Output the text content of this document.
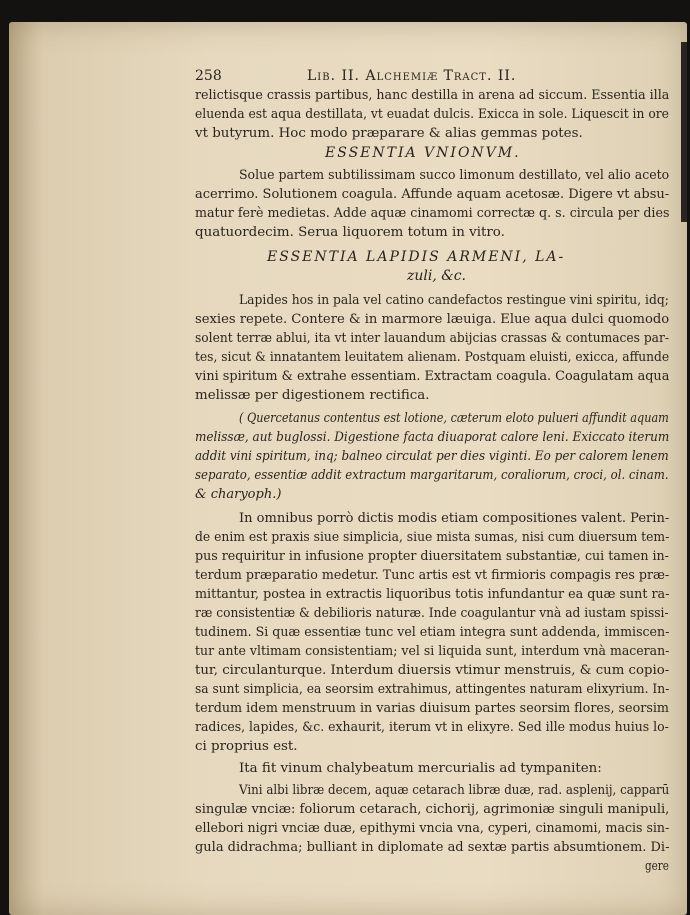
258	Lib. II. Alchemiæ Tract. II.
relictisque crassis partibus, hanc destilla in arena ad siccum. Essentia illa
eluenda est aqua destillata, vt euadat dulcis. Exicca in sole. Liquescit in ore
vt butyrum. Hoc modo præparare & alias gemmas potes.
ESSENTIA VNIONVM.
Solue partem subtilissimam succo limonum destillato, vel alio aceto
acerrimo. Solutionem coagula. Affunde aquam acetosæ. Digere vt absu-
matur ferè medietas. Adde aquæ cinamomi correctæ q. s. circula per dies
quatuordecim. Serua liquorem totum in vitro.
ESSENTIA LAPIDIS ARMENI, LA-
zuli, &c.
Lapides hos in pala vel catino candefactos restingue vini spiritu, idq;
sexies repete. Contere & in marmore læuiga. Elue aqua dulci quomodo
solent terræ ablui, ita vt inter lauandum abijcias crassas & contumaces par-
tes, sicut & innatantem leuitatem alienam. Postquam eluisti, exicca, affunde
vini spiritum & extrahe essentiam. Extractam coagula. Coagulatam aqua
melissæ per digestionem rectifica.
( Quercetanus contentus est lotione, cæterum eloto pulueri affundit aquam
melissæ, aut buglossi. Digestione facta diuaporat calore leni. Exiccato iterum
addit vini spiritum, inq; balneo circulat per dies viginti. Eo per calorem lenem
separato, essentiæ addit extractum margaritarum, coraliorum, croci, ol. cinam.
& charyoph.)
In omnibus porrò dictis modis etiam compositiones valent. Perin-
de enim est praxis siue simplicia, siue mista sumas, nisi cum diuersum tem-
pus requiritur in infusione propter diuersitatem substantiæ, cui tamen in-
terdum præparatio medetur. Tunc artis est vt firmioris compagis res præ-
mittantur, postea in extractis liquoribus totis infundantur ea quæ sunt ra-
ræ consistentiæ & debilioris naturæ. Inde coagulantur vnà ad iustam spissi-
tudinem. Si quæ essentiæ tunc vel etiam integra sunt addenda, immiscen-
tur ante vltimam consistentiam; vel si liquida sunt, interdum vnà maceran-
tur, circulanturque. Interdum diuersis vtimur menstruis, & cum copio-
sa sunt simplicia, ea seorsim extrahimus, attingentes naturam elixyrium. In-
terdum idem menstruum in varias diuisum partes seorsim flores, seorsim
radices, lapides, &c. exhaurit, iterum vt in elixyre. Sed ille modus huius lo-
ci proprius est.
Ita fit vinum chalybeatum mercurialis ad tympaniten:
Vini albi libræ decem, aquæ cetarach libræ duæ, rad. asplenij, capparū
singulæ vnciæ: foliorum cetarach, cichorij, agrimoniæ singuli manipuli,
ellebori nigri vnciæ duæ, epithymi vncia vna, cyperi, cinamomi, macis sin-
gula didrachma; bulliant in diplomate ad sextæ partis absumtionem. Di-
gere
